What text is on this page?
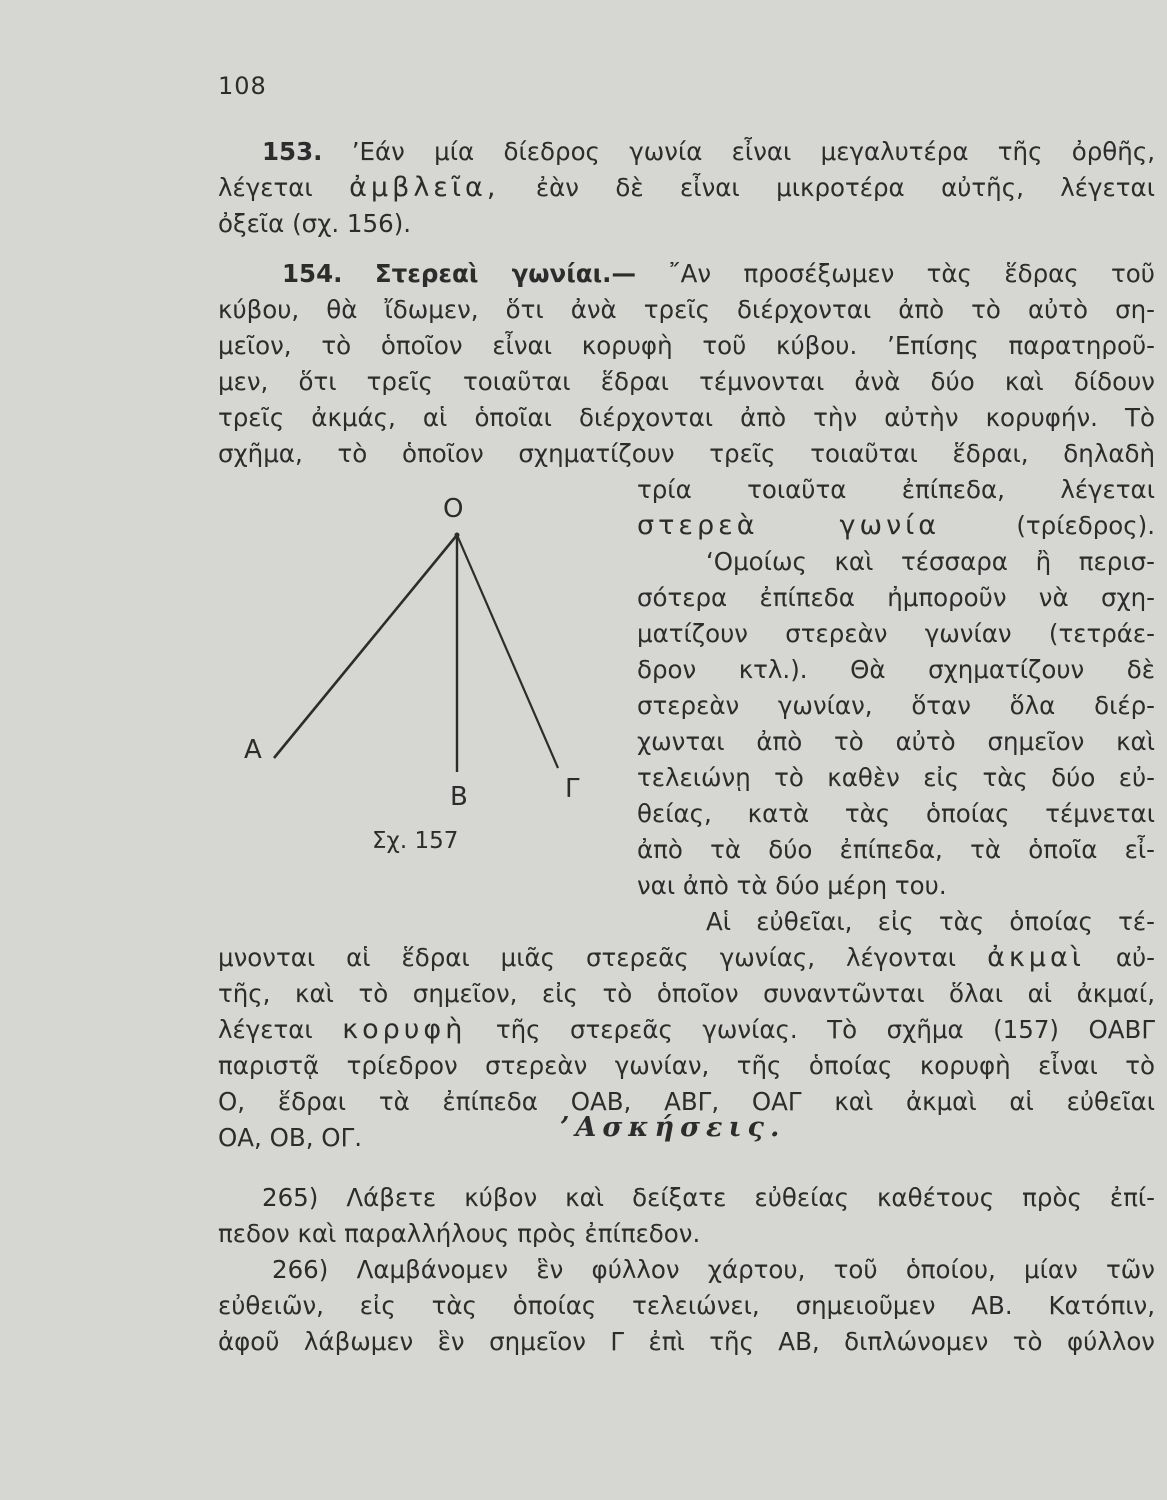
108
153. ’Εάν μία δίεδρος γωνία εἶναι μεγαλυτέρα τῆς ὀρθῆς,
λέγεται ἀμβλεῖα, ἐὰν δὲ εἶναι μικροτέρα αὐτῆς, λέγεται
ὀξεῖα (σχ. 156).
154. Στερεαὶ γωνίαι.— ῎Αν προσέξωμεν τὰς ἕδρας τοῦ
κύβου, θὰ ἴδωμεν, ὅτι ἀνὰ τρεῖς διέρχονται ἀπὸ τὸ αὐτὸ ση-
μεῖον, τὸ ὁποῖον εἶναι κορυφὴ τοῦ κύβου. ’Επίσης παρατηροῦ-
μεν, ὅτι τρεῖς τοιαῦται ἕδραι τέμνονται ἀνὰ δύο καὶ δίδουν
τρεῖς ἀκμάς, αἱ ὁποῖαι διέρχονται ἀπὸ τὴν αὐτὴν κορυφήν. Τὸ
σχῆμα, τὸ ὁποῖον σχηματίζουν τρεῖς τοιαῦται ἕδραι, δηλαδὴ
τρία τοιαῦτα ἐπίπεδα, λέγεται
στερεὰ γωνία	(τρίεδρος).
‘Ομοίως καὶ τέσσαρα ἢ περισ-
σότερα ἐπίπεδα ἠμποροῦν νὰ σχη-
ματίζουν στερεὰν γωνίαν (τετράε-
δρον κτλ.). Θὰ σχηματίζουν δὲ
στερεὰν γωνίαν, ὅταν ὅλα διέρ-
χωνται ἀπὸ τὸ αὐτὸ σημεῖον καὶ
τελειώνῃ τὸ καθὲν εἰς τὰς δύο εὐ-
θείας, κατὰ τὰς ὁποίας τέμνεται
ἀπὸ τὰ δύο ἐπίπεδα, τὰ ὁποῖα εἶ-
ναι ἀπὸ τὰ δύο μέρη του.
Αἱ εὐθεῖαι, εἰς τὰς ὁποίας τέ-
μνονται αἱ ἕδραι μιᾶς στερεᾶς γωνίας, λέγονται ἀκμαὶ αὐ-
τῆς, καὶ τὸ σημεῖον, εἰς τὸ ὁποῖον συναντῶνται ὅλαι αἱ ἀκμαί,
λέγεται κορυφὴ τῆς στερεᾶς γωνίας. Τὸ σχῆμα (157) ΟΑΒΓ
παριστᾷ τρίεδρον στερεὰν γωνίαν, τῆς ὁποίας κορυφὴ εἶναι τὸ
Ο, ἕδραι τὰ ἐπίπεδα ΟΑΒ, ΑΒΓ, ΟΑΓ καὶ ἀκμαὶ αἱ εὐθεῖαι
ΟΑ, ΟΒ, ΟΓ.
O
A
B	Γ
Σχ. 157
’Ασκήσεις.
265) Λάβετε κύβον καὶ δείξατε εὐθείας καθέτους πρὸς ἐπί-
πεδον καὶ παραλλήλους πρὸς ἐπίπεδον.
266) Λαμβάνομεν ἓν φύλλον χάρτου, τοῦ ὁποίου, μίαν τῶν
εὐθειῶν, εἰς τὰς ὁποίας τελειώνει, σημειοῦμεν ΑΒ. Κατόπιν,
ἀφοῦ λάβωμεν ἓν σημεῖον Γ ἐπὶ τῆς ΑΒ, διπλώνομεν τὸ φύλλον
